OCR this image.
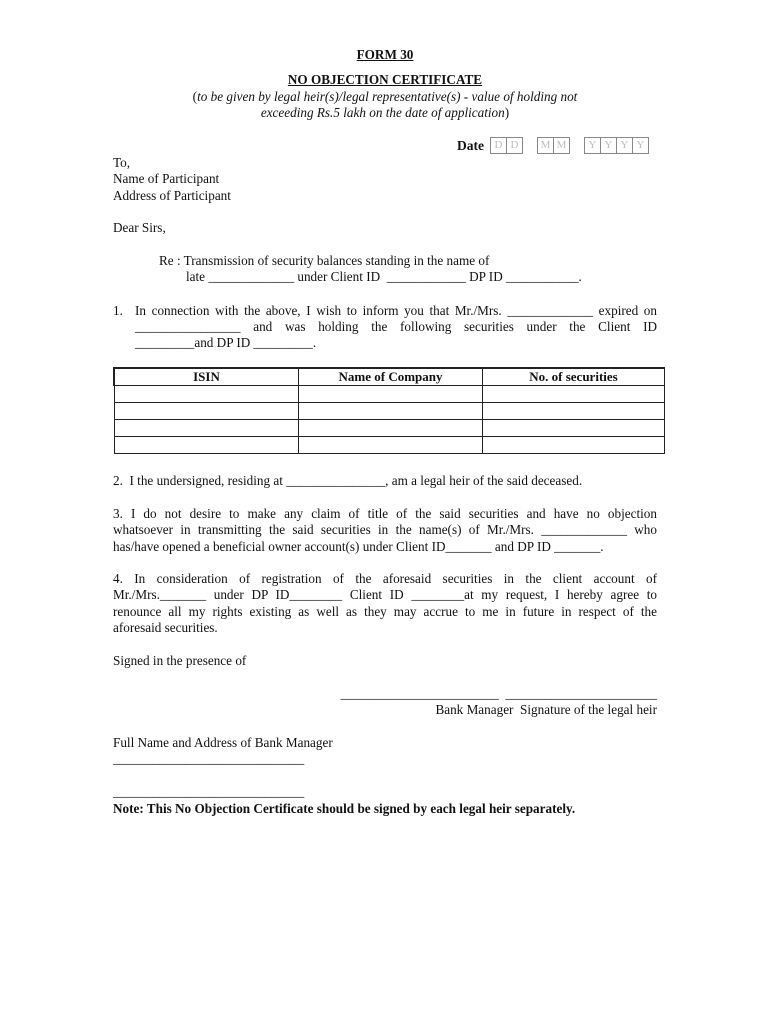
FORM 30
NO OBJECTION CERTIFICATE
(to be given by legal heir(s)/legal representative(s) - value of holding not
exceeding Rs.5 lakh on the date of application)
Date D D	M M	Y Y Y Y
To,
Name of Participant
Address of Participant
Dear Sirs,
Re : Transmission of security balances standing in the name of
late _____________ under Client ID  ____________ DP ID ___________.
1. In connection with the above, I wish to inform you that Mr./Mrs. _____________ expired on
________________ and was holding the following securities under the Client ID
_________and DP ID _________.
ISIN	Name of Company	No. of securities

2.  I the undersigned, residing at _______________, am a legal heir of the said deceased.
3. I do not desire to make any claim of title of the said securities and have no objection
whatsoever in transmitting the said securities in the name(s) of Mr./Mrs. _____________ who
has/have opened a beneficial owner account(s) under Client ID_______ and DP ID _______.
4. In consideration of registration of the aforesaid securities in the client account of
Mr./Mrs._______ under DP ID________ Client ID ________at my request, I hereby agree to
renounce all my rights existing as well as they may accrue to me in future in respect of the
aforesaid securities.
Signed in the presence of
________________________  _______________________
Bank Manager  Signature of the legal heir
Full Name and Address of Bank Manager
_____________________________
_____________________________
Note: This No Objection Certificate should be signed by each legal heir separately.
